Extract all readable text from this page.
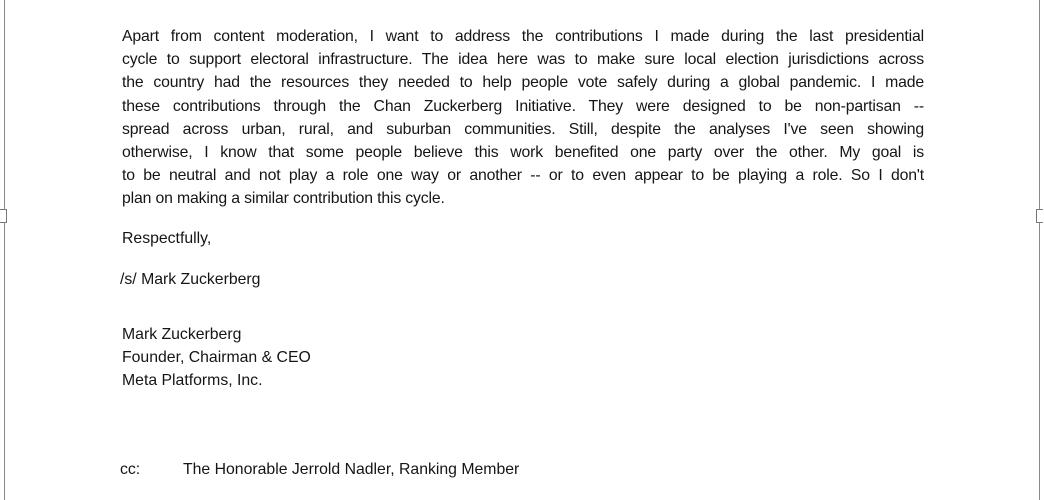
Apart from content moderation, I want to address the contributions I made during the last presidential
cycle to support electoral infrastructure. The idea here was to make sure local election jurisdictions across
the country had the resources they needed to help people vote safely during a global pandemic. I made
these contributions through the Chan Zuckerberg Initiative. They were designed to be non-partisan --
spread across urban, rural, and suburban communities. Still, despite the analyses I've seen showing
otherwise, I know that some people believe this work benefited one party over the other. My goal is
to be neutral and not play a role one way or another -- or to even appear to be playing a role. So I don't
plan on making a similar contribution this cycle.
Respectfully,
/s/ Mark Zuckerberg
Mark Zuckerberg
Founder, Chairman & CEO
Meta Platforms, Inc.
cc:	The Honorable Jerrold Nadler, Ranking Member
